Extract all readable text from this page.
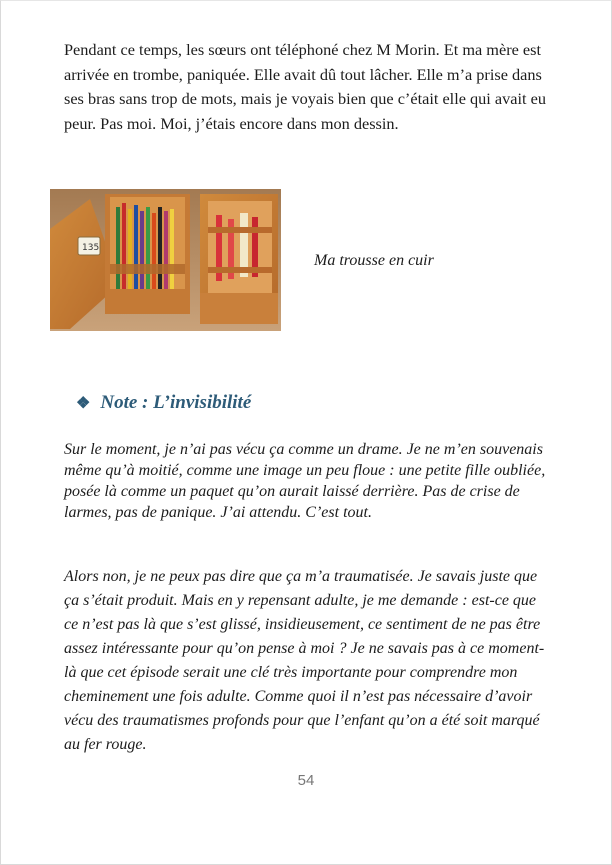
Pendant ce temps, les sœurs ont téléphoné chez M Morin. Et ma mère est arrivée en trombe, paniquée. Elle avait dû tout lâcher. Elle m’a prise dans ses bras sans trop de mots, mais je voyais bien que c’était elle qui avait eu peur. Pas moi. Moi, j’étais encore dans mon dessin.

135

Ma trousse en cuir

❖ Note : L’invisibilité

Sur le moment, je n’ai pas vécu ça comme un drame. Je ne m’en souvenais même qu’à moitié, comme une image un peu floue : une petite fille oubliée, posée là comme un paquet qu’on aurait laissé derrière. Pas de crise de larmes, pas de panique. J’ai attendu. C’est tout.

Alors non, je ne peux pas dire que ça m’a traumatisée. Je savais juste que ça s’était produit. Mais en y repensant adulte, je me demande : est-ce que ce n’est pas là que s’est glissé, insidieusement, ce sentiment de ne pas être assez intéressante pour qu’on pense à moi ? Je ne savais pas à ce moment-là que cet épisode serait une clé très importante pour comprendre mon cheminement une fois adulte. Comme quoi il n’est pas nécessaire d’avoir vécu des traumatismes profonds pour que l’enfant qu’on a été soit marqué au fer rouge.

54
